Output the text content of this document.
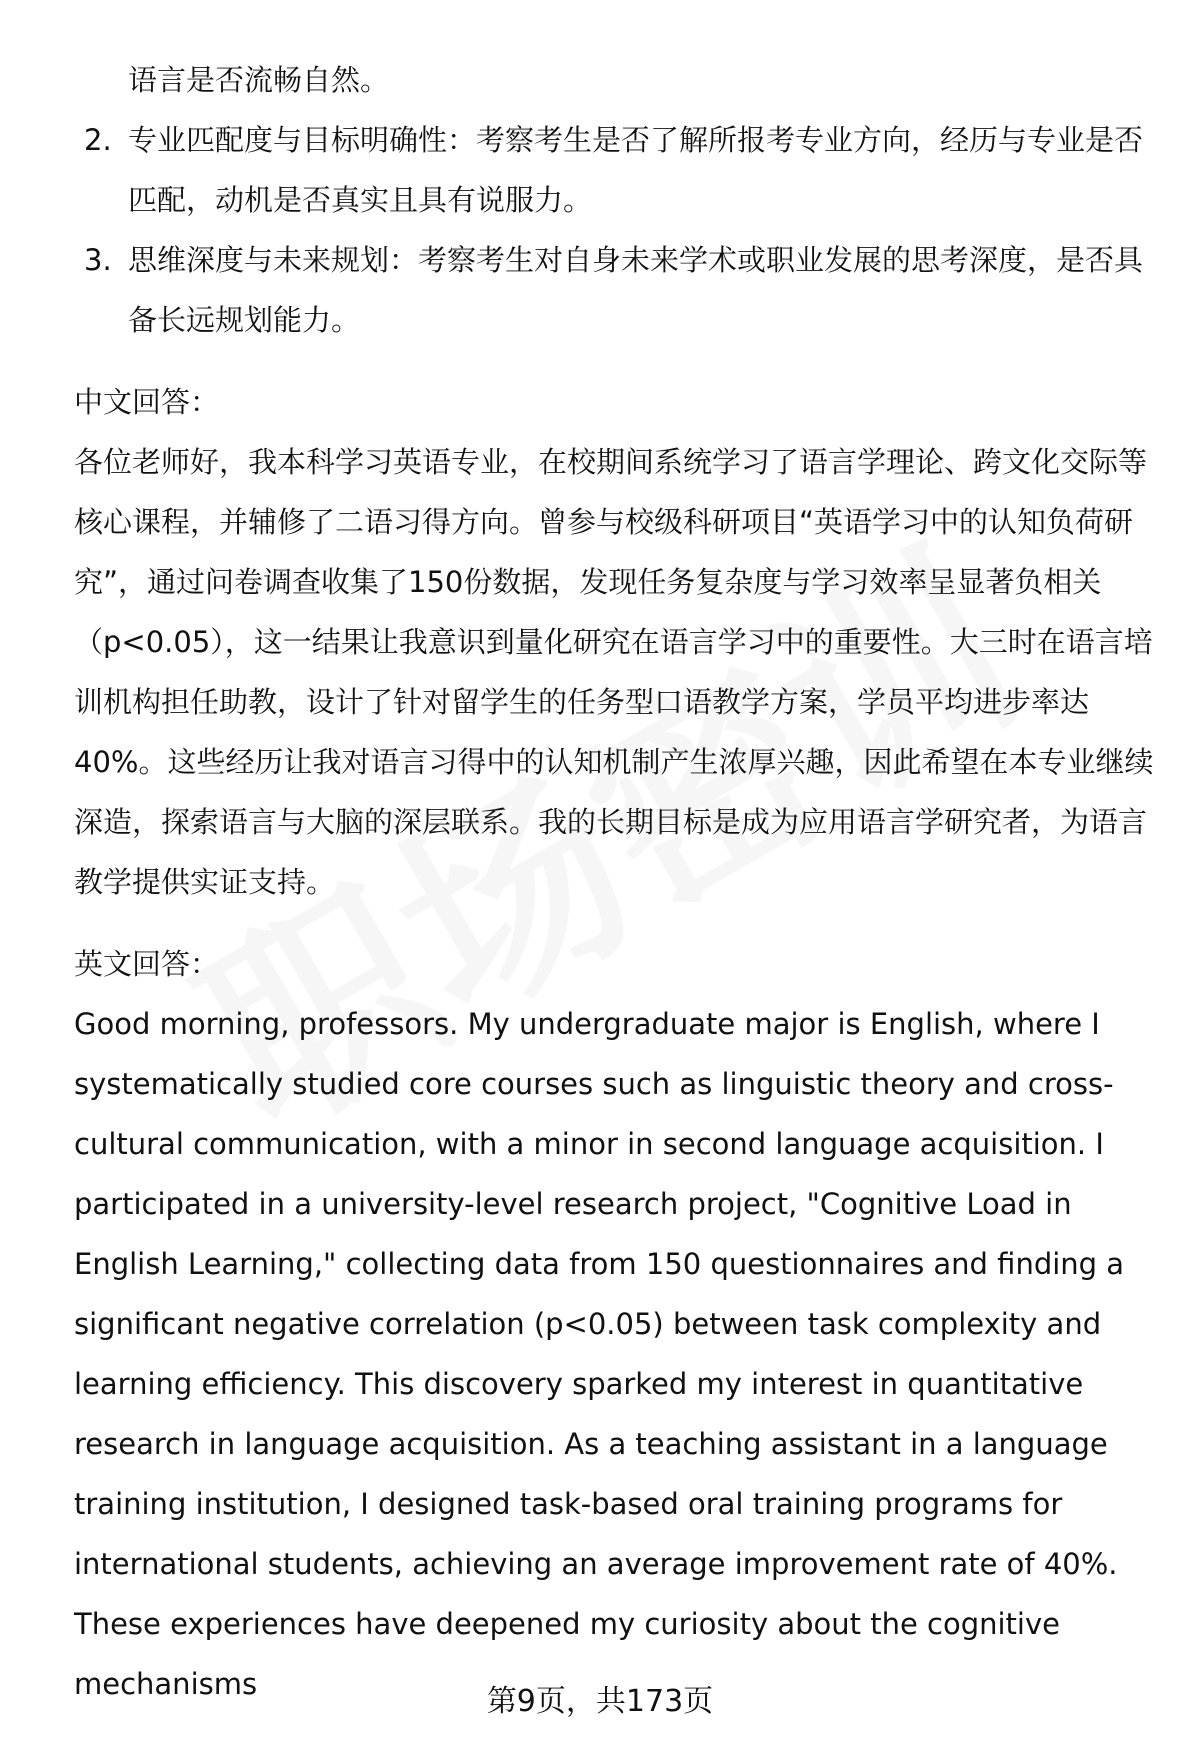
语言是否流畅自然。
2. 专业匹配度与目标明确性：考察考生是否了解所报考专业方向，经历与专业是否匹配，动机是否真实且具有说服力。
3. 思维深度与未来规划：考察考生对自身未来学术或职业发展的思考深度，是否具备长远规划能力。
中文回答：

各位老师好，我本科学习英语专业，在校期间系统学习了语言学理论、跨文化交际等核心课程，并辅修了二语习得方向。曾参与校级科研项目“英语学习中的认知负荷研究”，通过问卷调查收集了150份数据，发现任务复杂度与学习效率呈显著负相关（p<0.05），这一结果让我意识到量化研究在语言学习中的重要性。大三时在语言培训机构担任助教，设计了针对留学生的任务型口语教学方案，学员平均进步率达40%。这些经历让我对语言习得中的认知机制产生浓厚兴趣，因此希望在本专业继续深造，探索语言与大脑的深层联系。我的长期目标是成为应用语言学研究者，为语言教学提供实证支持。

英文回答：

Good morning, professors. My undergraduate major is English, where I systematically studied core courses such as linguistic theory and cross-cultural communication, with a minor in second language acquisition. I participated in a university-level research project, "Cognitive Load in English Learning," collecting data from 150 questionnaires and finding a significant negative correlation (p<0.05) between task complexity and learning efficiency. This discovery sparked my interest in quantitative research in language acquisition. As a teaching assistant in a language training institution, I designed task-based oral training programs for international students, achieving an average improvement rate of 40%. These experiences have deepened my curiosity about the cognitive mechanisms	第9页，共173页
